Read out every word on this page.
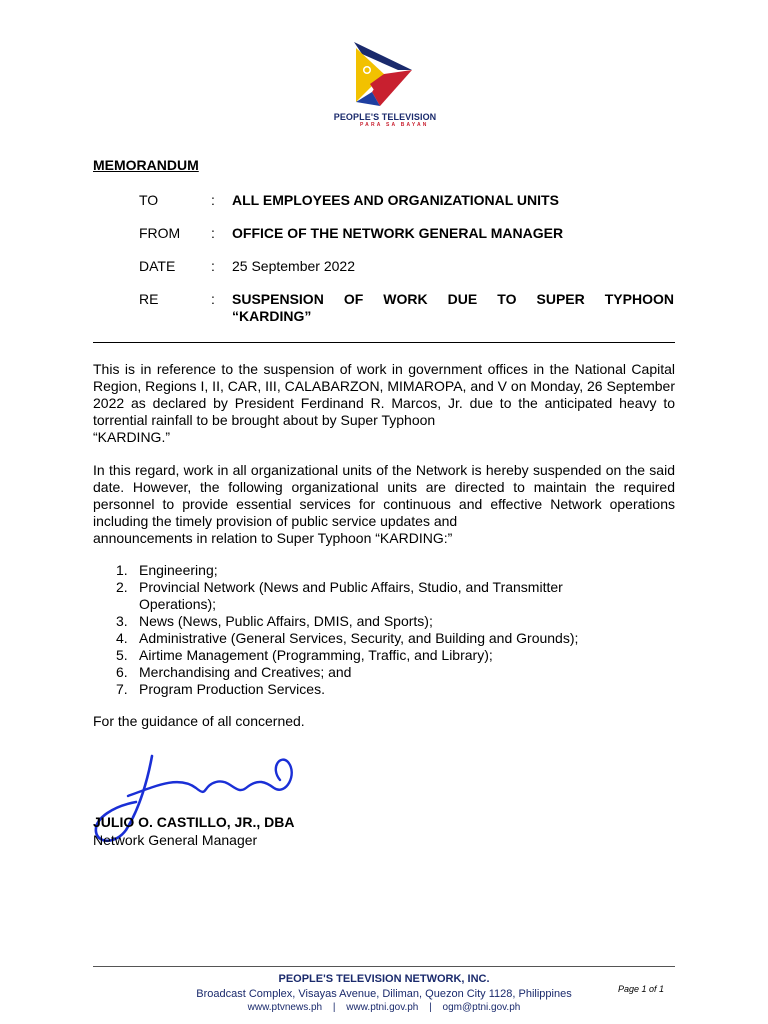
PEOPLE'S TELEVISION
PARA SA BAYAN
MEMORANDUM
TO	: ALL EMPLOYEES AND ORGANIZATIONAL UNITS
FROM	: OFFICE OF THE NETWORK GENERAL MANAGER
DATE	: 25 September 2022
RE	: SUSPENSION OF WORK DUE TO SUPER TYPHOON
“KARDING”
This is in reference to the suspension of work in government offices in the National Capital Region, Regions I, II, CAR, III, CALABARZON, MIMAROPA, and V on Monday, 26 September 2022 as declared by President Ferdinand R. Marcos, Jr. due to the anticipated heavy to torrential rainfall to be brought about by Super Typhoon
“KARDING.”
In this regard, work in all organizational units of the Network is hereby suspended on the said date. However, the following organizational units are directed to maintain the required personnel to provide essential services for continuous and effective Network operations including the timely provision of public service updates and
announcements in relation to Super Typhoon “KARDING:”
1. Engineering;
2. Provincial Network (News and Public Affairs, Studio, and Transmitter
Operations);
3. News (News, Public Affairs, DMIS, and Sports);
4. Administrative (General Services, Security, and Building and Grounds);
5. Airtime Management (Programming, Traffic, and Library);
6. Merchandising and Creatives; and
7. Program Production Services.
For the guidance of all concerned.
JULIO O. CASTILLO, JR., DBA
Network General Manager
PEOPLE'S TELEVISION NETWORK, INC.
Broadcast Complex, Visayas Avenue, Diliman, Quezon City 1128, Philippines
www.ptvnews.ph | www.ptni.gov.ph | ogm@ptni.gov.ph
Page 1 of 1
